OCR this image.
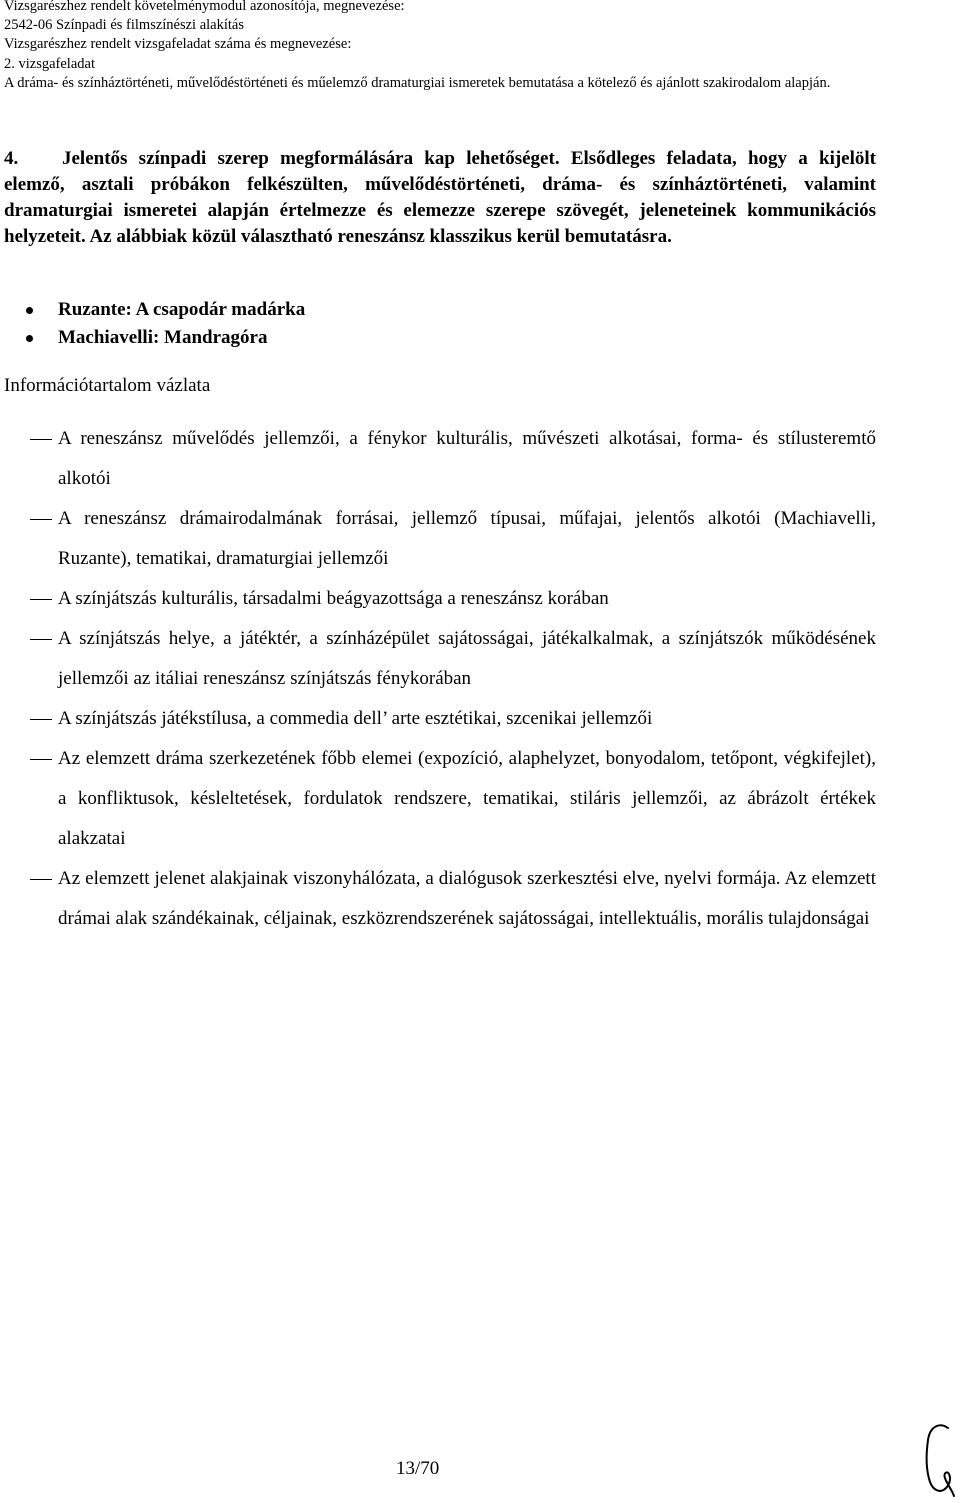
Vizsgarészhez rendelt követelménymodul azonosítója, megnevezése:
2542-06 Színpadi és filmszínészi alakítás
Vizsgarészhez rendelt vizsgafeladat száma és megnevezése:
2. vizsgafeladat
A dráma- és színháztörténeti, művelődéstörténeti és műelemző dramaturgiai ismeretek bemutatása a kötelező és ajánlott szakirodalom alapján.
4. Jelentős színpadi szerep megformálására kap lehetőséget. Elsődleges feladata, hogy a kijelölt elemző, asztali próbákon felkészülten, művelődéstörténeti, dráma- és színháztörténeti, valamint dramaturgiai ismeretei alapján értelmezze és elemezze szerepe szövegét, jeleneteinek kommunikációs helyzeteit. Az alábbiak közül választható reneszánsz klasszikus kerül bemutatásra.
Ruzante: A csapodár madárka
Machiavelli: Mandragóra
Információtartalom vázlata
A reneszánsz művelődés jellemzői, a fénykor kulturális, művészeti alkotásai, forma- és stílusteremtő alkotói
A reneszánsz drámairodalmának forrásai, jellemző típusai, műfajai, jelentős alkotói (Machiavelli, Ruzante), tematikai, dramaturgiai jellemzői
A színjátszás kulturális, társadalmi beágyazottsága a reneszánsz korában
A színjátszás helye, a játéktér, a színházépület sajátosságai, játékalkalmak, a színjátszók működésének jellemzői az itáliai reneszánsz színjátszás fénykorában
A színjátszás játékstílusa, a commedia dell’ arte esztétikai, szcenikai jellemzői
Az elemzett dráma szerkezetének főbb elemei (expozíció, alaphelyzet, bonyodalom, tetőpont, végkifejlet), a konfliktusok, késleltetések, fordulatok rendszere, tematikai, stiláris jellemzői, az ábrázolt értékek alakzatai
Az elemzett jelenet alakjainak viszonyhálózata, a dialógusok szerkesztési elve, nyelvi formája. Az elemzett drámai alak szándékainak, céljainak, eszközrendszerének sajátosságai, intellektuális, morális tulajdonságai
13/70
